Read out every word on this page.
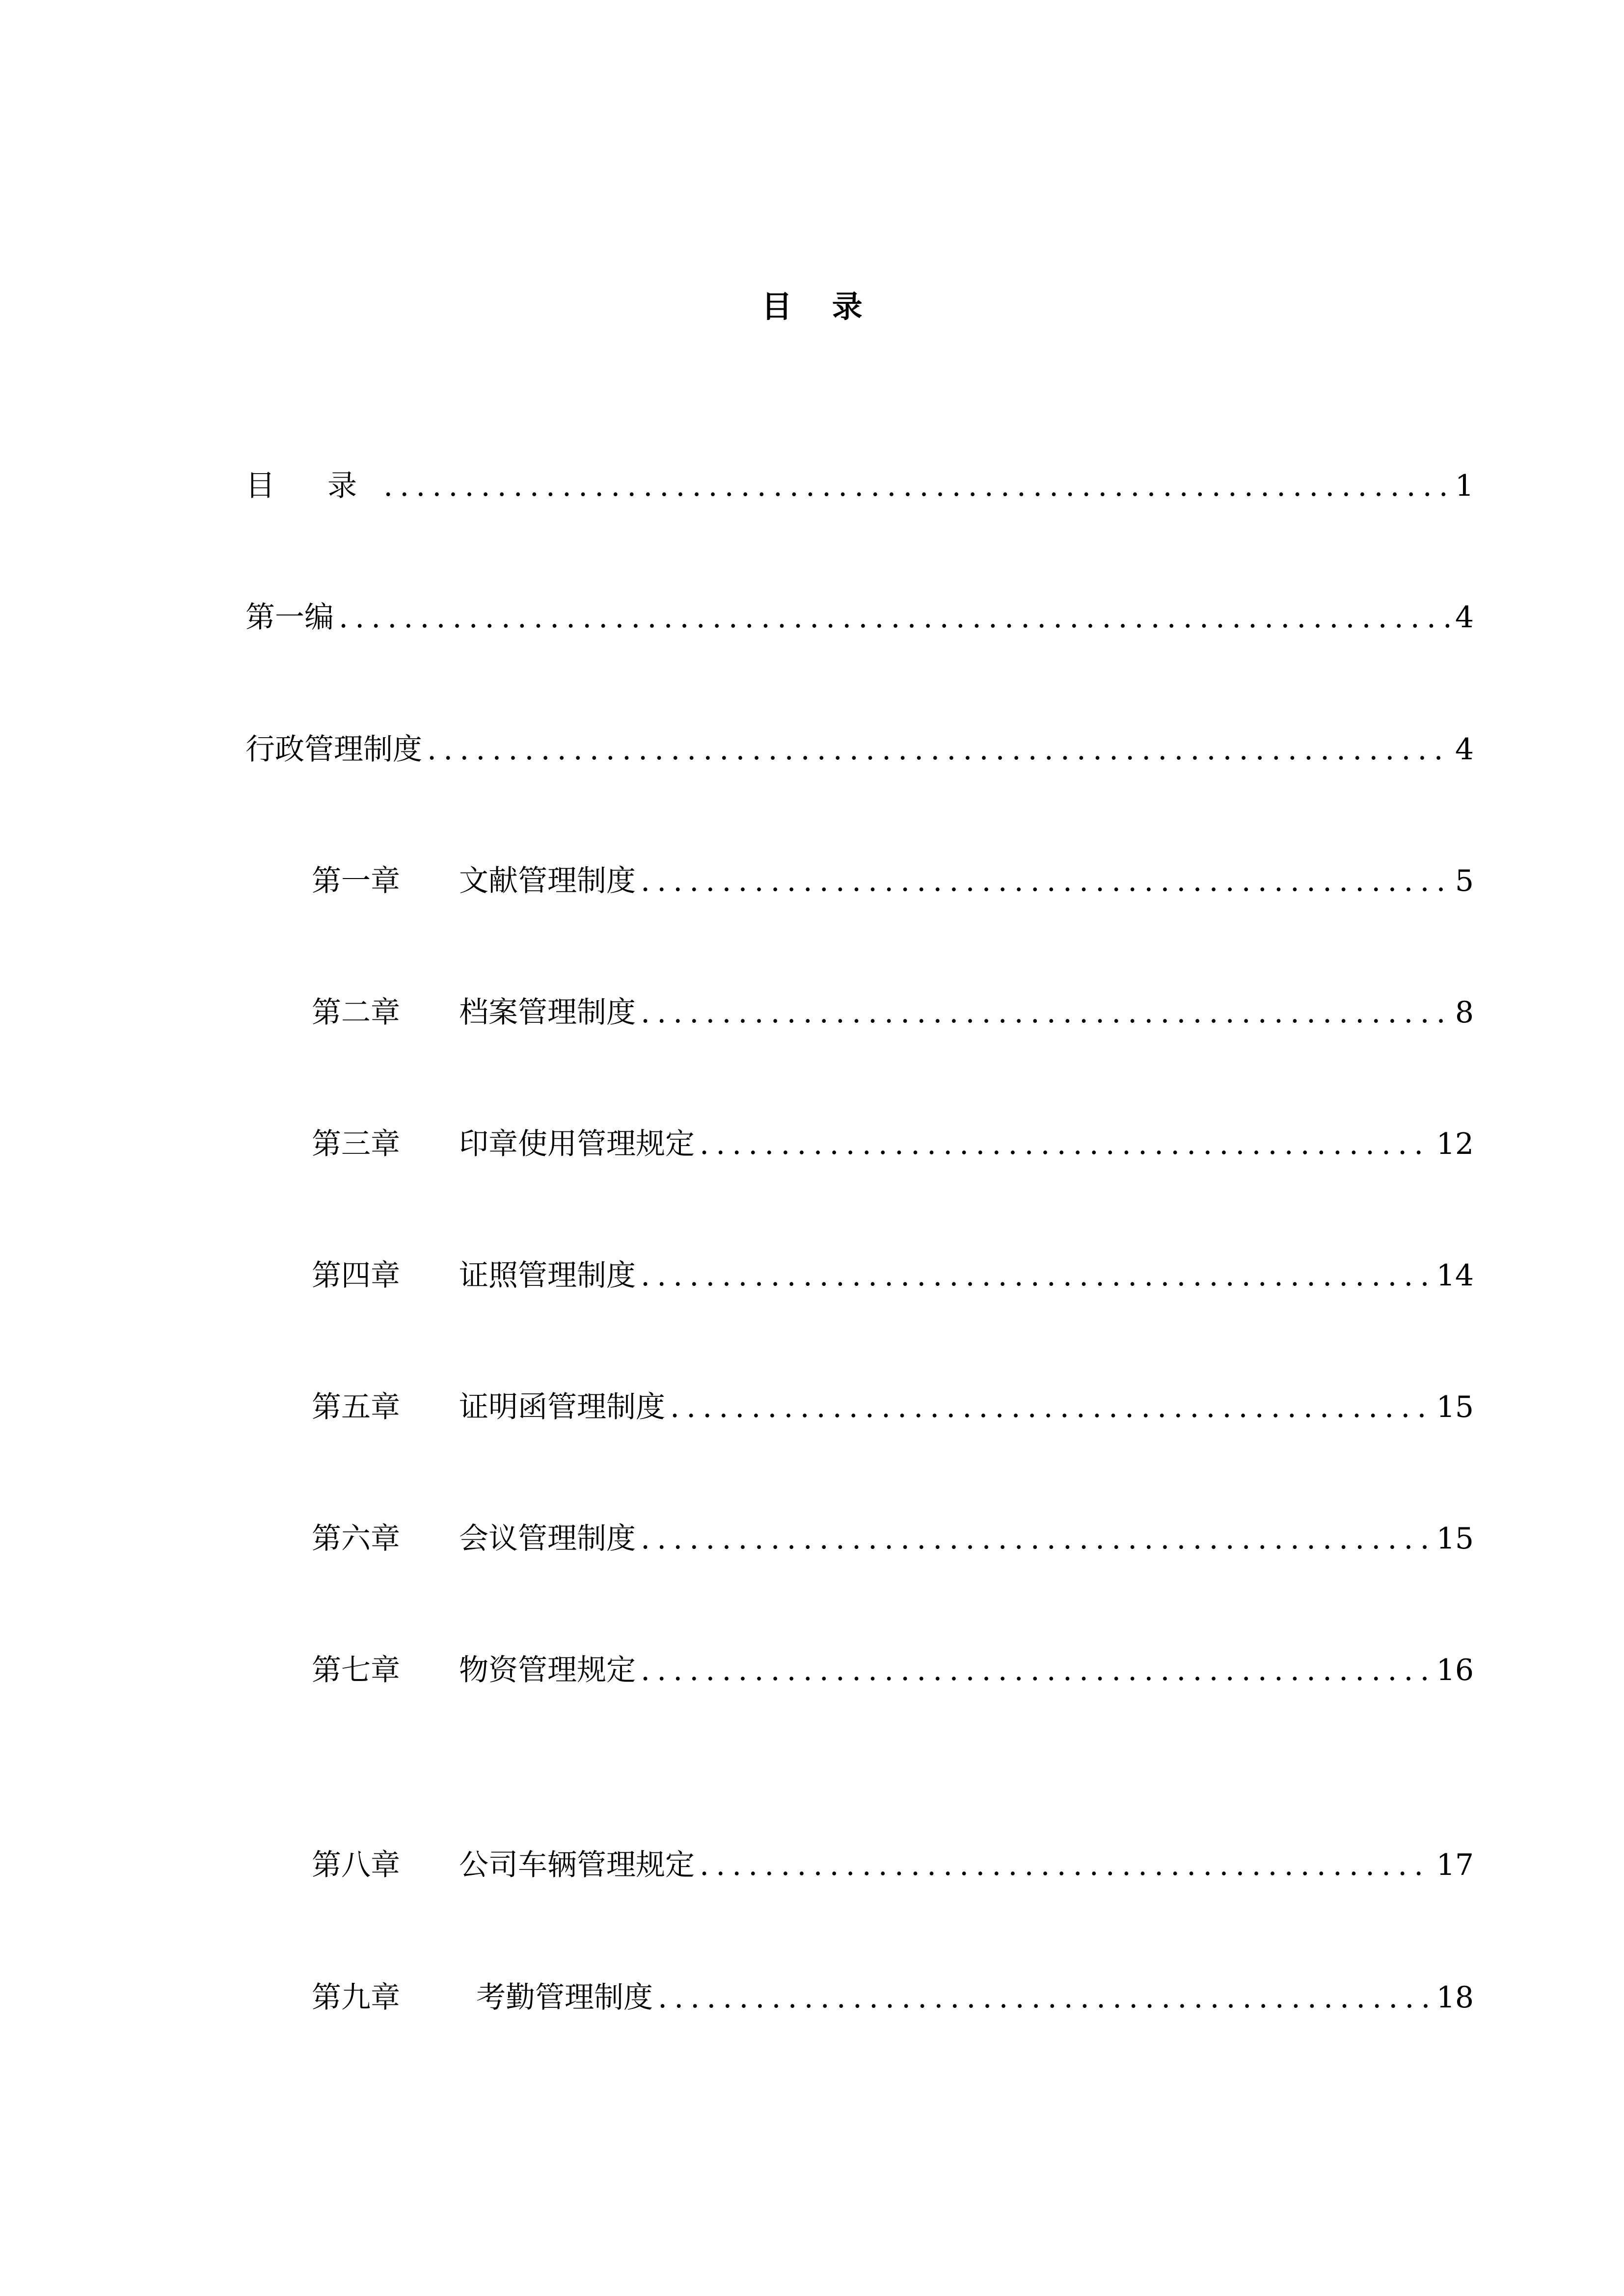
目 录
目 录 .....	1
第一编 .....	4
行政管理制度 .....	4
第一章	文献管理制度 .....	5
第二章	档案管理制度 .....	8
第三章	印章使用管理规定 .....	12
第四章	证照管理制度 .....	14
第五章	证明函管理制度 .....	15
第六章	会议管理制度 .....	15
第七章	物资管理规定 .....	16
第八章	公司车辆管理规定 .....	17
第九章	考勤管理制度 .....	18
